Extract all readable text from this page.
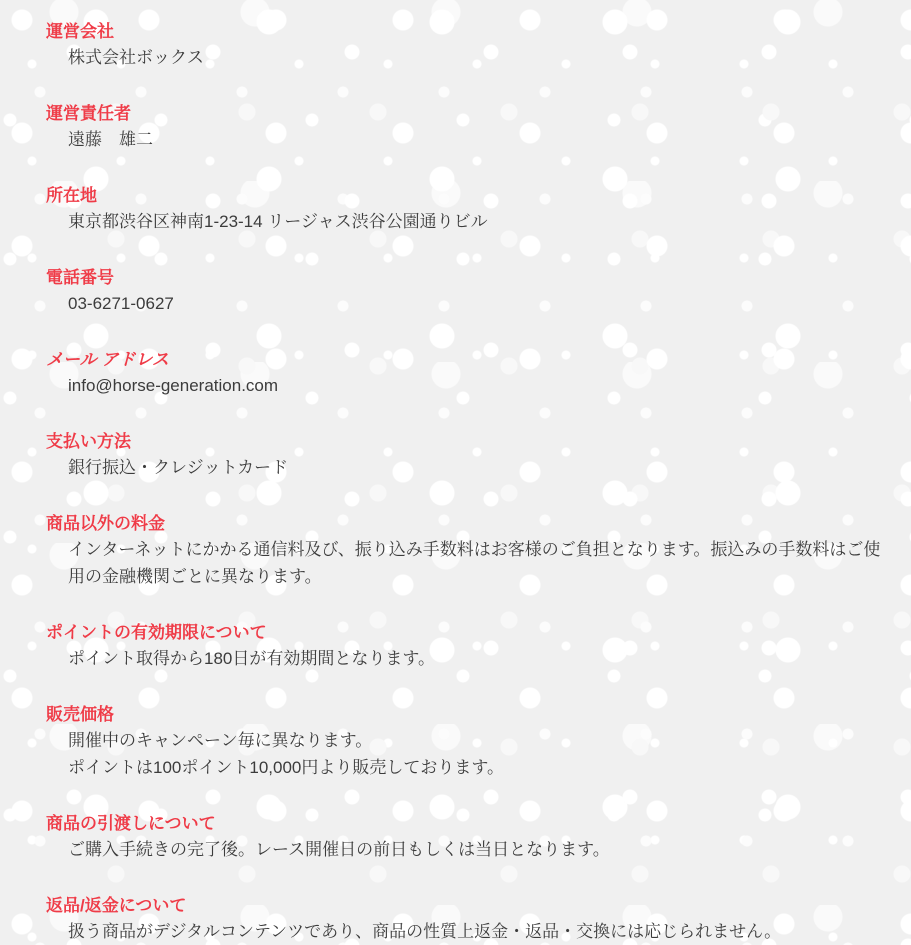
運営会社

株式会社ボックス

運営責任者

遠藤　雄二

所在地

東京都渋谷区神南1-23-14 リージャス渋谷公園通りビル

電話番号

03-6271-0627

メール アドレス

info@horse-generation.com

支払い方法

銀行振込・クレジットカード

商品以外の料金

インターネットにかかる通信料及び、振り込み手数料はお客様のご負担となります。振込みの手数料はご使用の金融機関ごとに異なります。

ポイントの有効期限について

ポイント取得から180日が有効期間となります。

販売価格

開催中のキャンペーン毎に異なります。

ポイントは100ポイント10,000円より販売しております。

商品の引渡しについて

ご購入手続きの完了後。レース開催日の前日もしくは当日となります。

返品/返金について

扱う商品がデジタルコンテンツであり、商品の性質上返金・返品・交換には応じられません。
